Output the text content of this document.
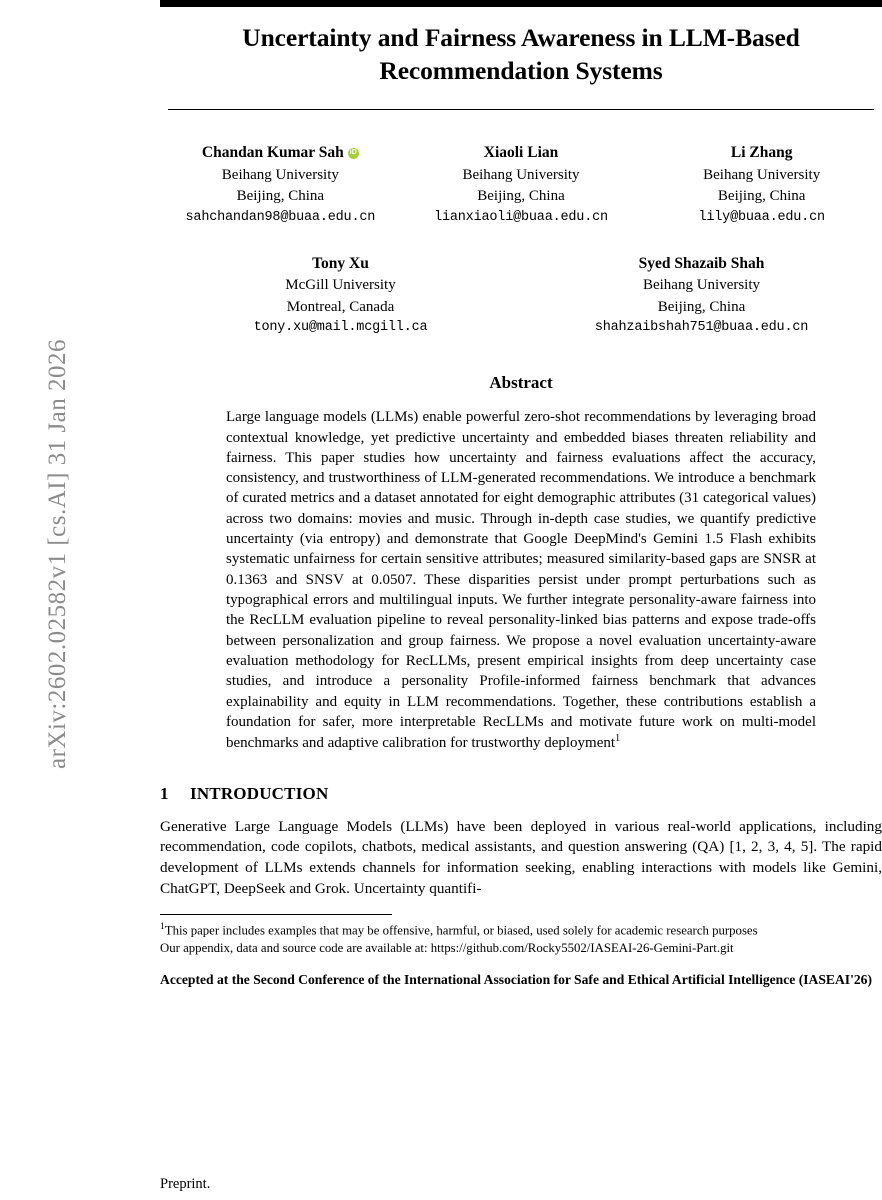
arXiv:2602.02582v1 [cs.AI] 31 Jan 2026
Uncertainty and Fairness Awareness in LLM-Based Recommendation Systems
Chandan Kumar SahiD
Beihang University
Beijing, China
sahchandan98@buaa.edu.cn
Xiaoli Lian
Beihang University
Beijing, China
lianxiaoli@buaa.edu.cn
Li Zhang
Beihang University
Beijing, China
lily@buaa.edu.cn
Tony Xu
McGill University
Montreal, Canada
tony.xu@mail.mcgill.ca
Syed Shazaib Shah
Beihang University
Beijing, China
shahzaibshah751@buaa.edu.cn
Abstract
Large language models (LLMs) enable powerful zero-shot recommendations by leveraging broad contextual knowledge, yet predictive uncertainty and embedded biases threaten reliability and fairness. This paper studies how uncertainty and fairness evaluations affect the accuracy, consistency, and trustworthiness of LLM-generated recommendations. We introduce a benchmark of curated metrics and a dataset annotated for eight demographic attributes (31 categorical values) across two domains: movies and music. Through in-depth case studies, we quantify predictive uncertainty (via entropy) and demonstrate that Google DeepMind's Gemini 1.5 Flash exhibits systematic unfairness for certain sensitive attributes; measured similarity-based gaps are SNSR at 0.1363 and SNSV at 0.0507. These disparities persist under prompt perturbations such as typographical errors and multilingual inputs. We further integrate personality-aware fairness into the RecLLM evaluation pipeline to reveal personality-linked bias patterns and expose trade-offs between personalization and group fairness. We propose a novel evaluation uncertainty-aware evaluation methodology for RecLLMs, present empirical insights from deep uncertainty case studies, and introduce a personality Profile-informed fairness benchmark that advances explainability and equity in LLM recommendations. Together, these contributions establish a foundation for safer, more interpretable RecLLMs and motivate future work on multi-model benchmarks and adaptive calibration for trustworthy deployment$^1$
1 INTRODUCTION
Generative Large Language Models (LLMs) have been deployed in various real-world applications, including recommendation, code copilots, chatbots, medical assistants, and question answering (QA) [1, 2, 3, 4, 5]. The rapid development of LLMs extends channels for information seeking, enabling interactions with models like Gemini, ChatGPT, DeepSeek and Grok. Uncertainty quantifi-
$^1$This paper includes examples that may be offensive, harmful, or biased, used solely for academic research purposes
Our appendix, data and source code are available at: https://github.com/Rocky5502/IASEAI-26-Gemini-Part.git
Accepted at the Second Conference of the International Association for Safe and Ethical Artificial Intelligence (IASEAI'26)
Preprint.
